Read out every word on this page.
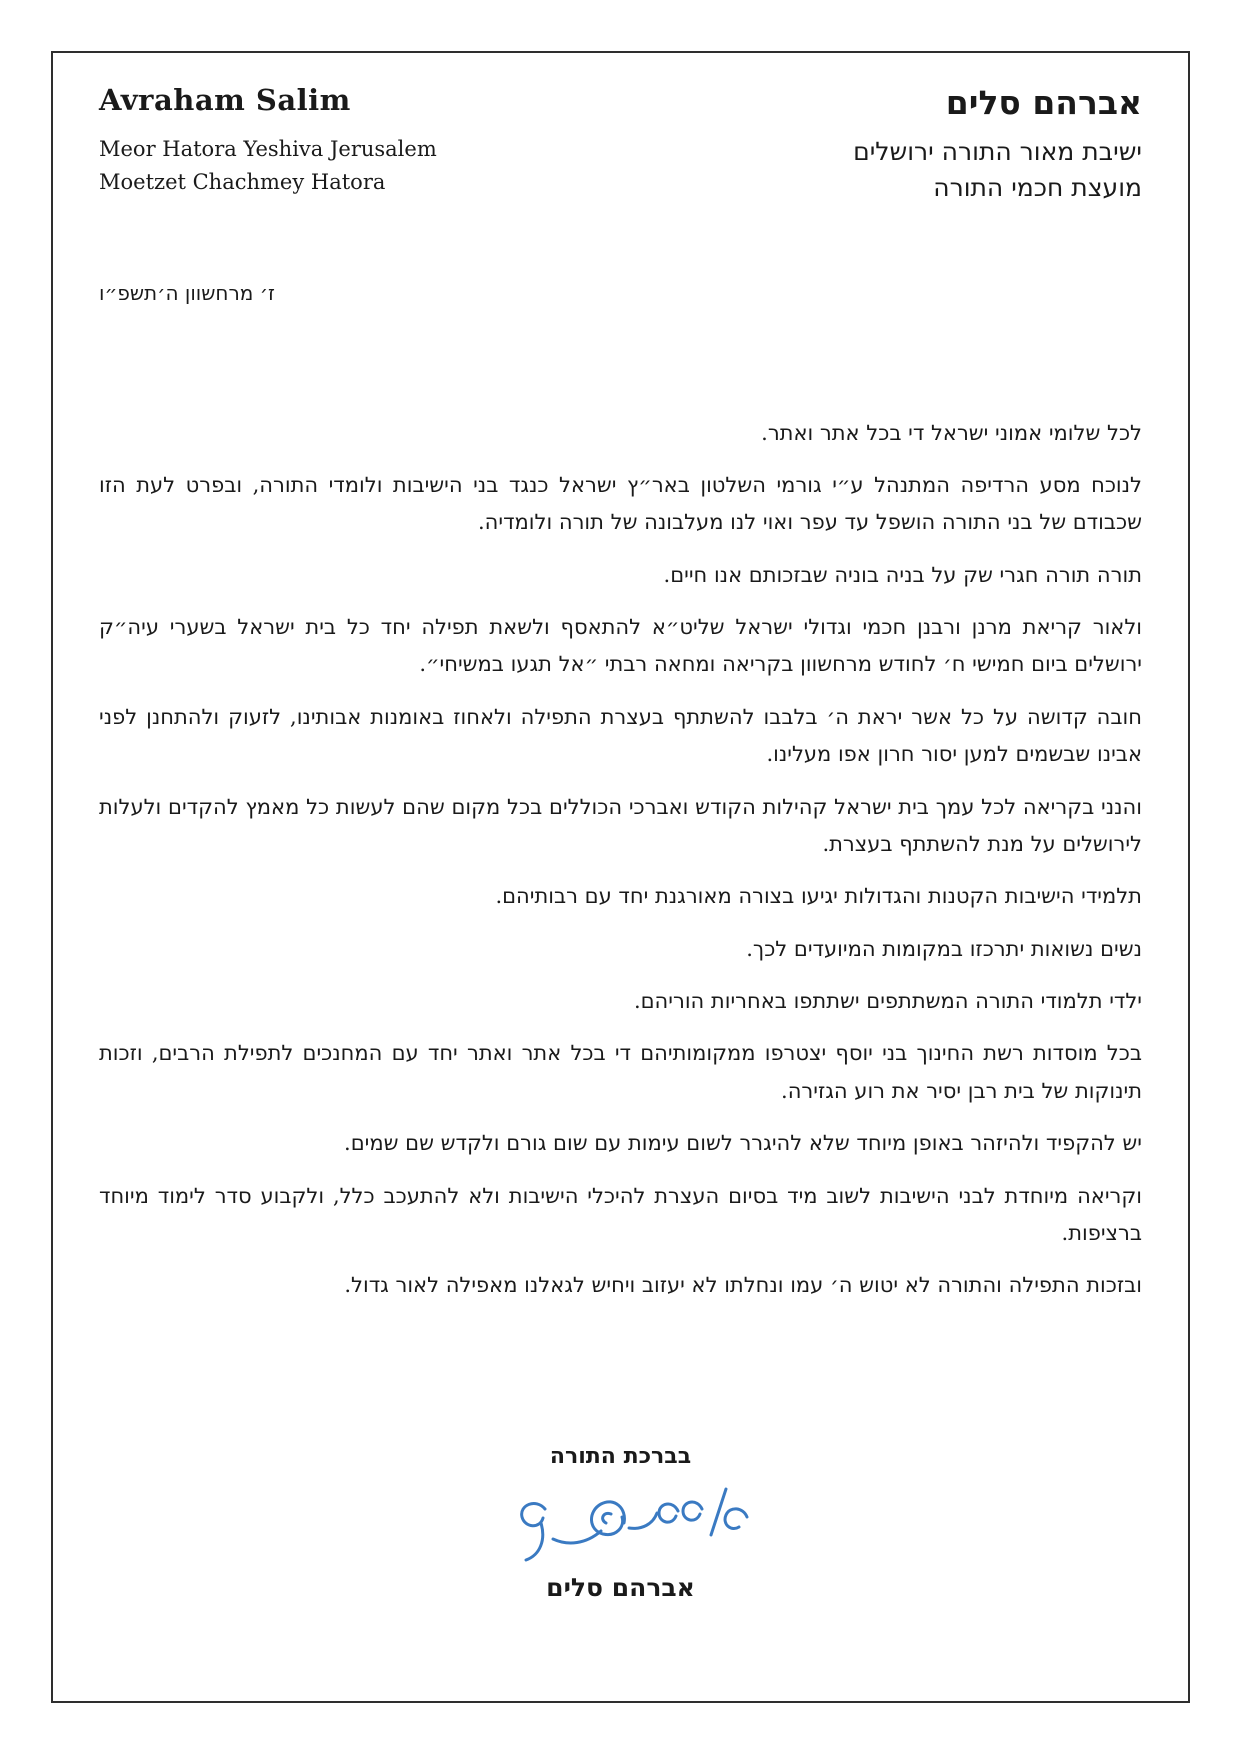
Avraham Salim
Meor Hatora Yeshiva Jerusalem
Moetzet Chachmey Hatora
אברהם סלים
ישיבת מאור התורה ירושלים
מועצת חכמי התורה
ז׳ מרחשוון ה׳תשפ״ו

לכל שלומי אמוני ישראל די בכל אתר ואתר.

לנוכח מסע הרדיפה המתנהל ע״י גורמי השלטון באר״ץ ישראל כנגד בני הישיבות ולומדי התורה, ובפרט לעת הזו שכבודם של בני התורה הושפל עד עפר ואוי לנו מעלבונה של תורה ולומדיה.

תורה תורה חגרי שק על בניה בוניה שבזכותם אנו חיים.

ולאור קריאת מרנן ורבנן חכמי וגדולי ישראל שליט״א להתאסף ולשאת תפילה יחד כל בית ישראל בשערי עיה״ק ירושלים ביום חמישי ח׳ לחודש מרחשוון בקריאה ומחאה רבתי ״אל תגעו במשיחי״.

חובה קדושה על כל אשר יראת ה׳ בלבבו להשתתף בעצרת התפילה ולאחוז באומנות אבותינו, לזעוק ולהתחנן לפני אבינו שבשמים למען יסור חרון אפו מעלינו.

והנני בקריאה לכל עמך בית ישראל קהילות הקודש ואברכי הכוללים בכל מקום שהם לעשות כל מאמץ להקדים ולעלות לירושלים על מנת להשתתף בעצרת.

תלמידי הישיבות הקטנות והגדולות יגיעו בצורה מאורגנת יחד עם רבותיהם.

נשים נשואות יתרכזו במקומות המיועדים לכך.

ילדי תלמודי התורה המשתתפים ישתתפו באחריות הוריהם.

בכל מוסדות רשת החינוך בני יוסף יצטרפו ממקומותיהם די בכל אתר ואתר יחד עם המחנכים לתפילת הרבים, וזכות תינוקות של בית רבן יסיר את רוע הגזירה.

יש להקפיד ולהיזהר באופן מיוחד שלא להיגרר לשום עימות עם שום גורם ולקדש שם שמים.

וקריאה מיוחדת לבני הישיבות לשוב מיד בסיום העצרת להיכלי הישיבות ולא להתעכב כלל, ולקבוע סדר לימוד מיוחד ברציפות.

ובזכות התפילה והתורה לא יטוש ה׳ עמו ונחלתו לא יעזוב ויחיש לגאלנו מאפילה לאור גדול.

בברכת התורה
אברהם סלים
